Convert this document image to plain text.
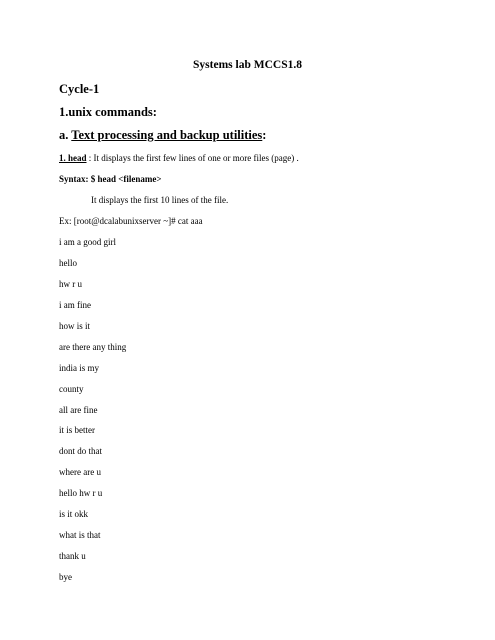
Systems lab MCCS1.8
Cycle-1
1.unix commands:
a. Text processing and backup utilities:
1. head : It displays the first few lines of one or more files (page) .
Syntax: $ head <filename>
It displays the first 10 lines of the file.
Ex: [root@dcalabunixserver ~]# cat aaa
i am a good girl
hello
hw r u
i am fine
how is it
are there any thing
india is my
county
all are fine
it is better
dont do that
where are u
hello hw r u
is it okk
what is that
thank u
bye
